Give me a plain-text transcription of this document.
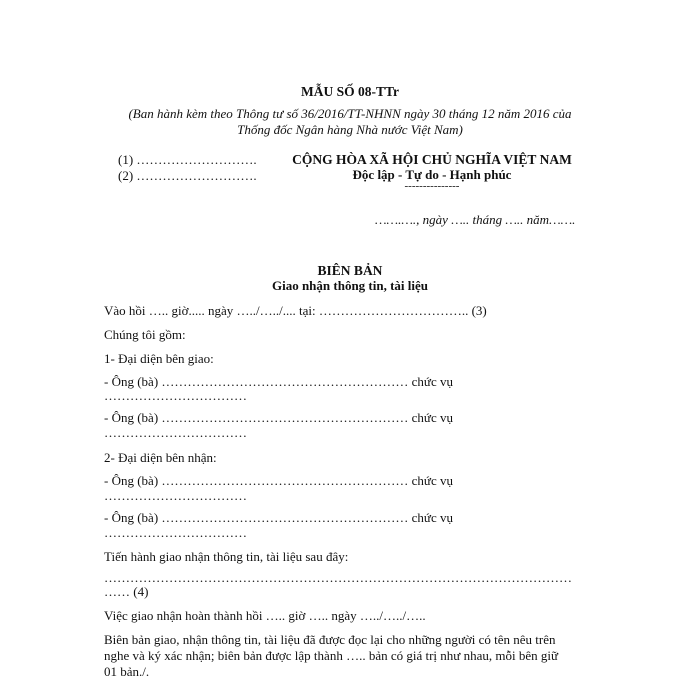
MẪU SỐ 08-TTr
(Ban hành kèm theo Thông tư số 36/2016/TT-NHNN ngày 30 tháng 12 năm 2016 của
Thống đốc Ngân hàng Nhà nước Việt Nam)
(1) ……………………….
(2) ……………………….
CỘNG HÒA XÃ HỘI CHỦ NGHĨA VIỆT NAM
Độc lập - Tự do - Hạnh phúc
---------------
…….…., ngày ….. tháng ….. năm…….
BIÊN BẢN
Giao nhận thông tin, tài liệu
Vào hồi ….. giờ..... ngày …../…../.... tại: …………………………….. (3)
Chúng tôi gồm:
1- Đại diện bên giao:
- Ông (bà) ………………………………………………… chức vụ
……………………………
- Ông (bà) ………………………………………………… chức vụ
……………………………
2- Đại diện bên nhận:
- Ông (bà) ………………………………………………… chức vụ
……………………………
- Ông (bà) ………………………………………………… chức vụ
……………………………
Tiến hành giao nhận thông tin, tài liệu sau đây:
………………………………………………………………………………………………
…… (4)
Việc giao nhận hoàn thành hồi ….. giờ ….. ngày …../…../…..
Biên bản giao, nhận thông tin, tài liệu đã được đọc lại cho những người có tên nêu trên
nghe và ký xác nhận; biên bản được lập thành ….. bản có giá trị như nhau, mỗi bên giữ
01 bản./.
